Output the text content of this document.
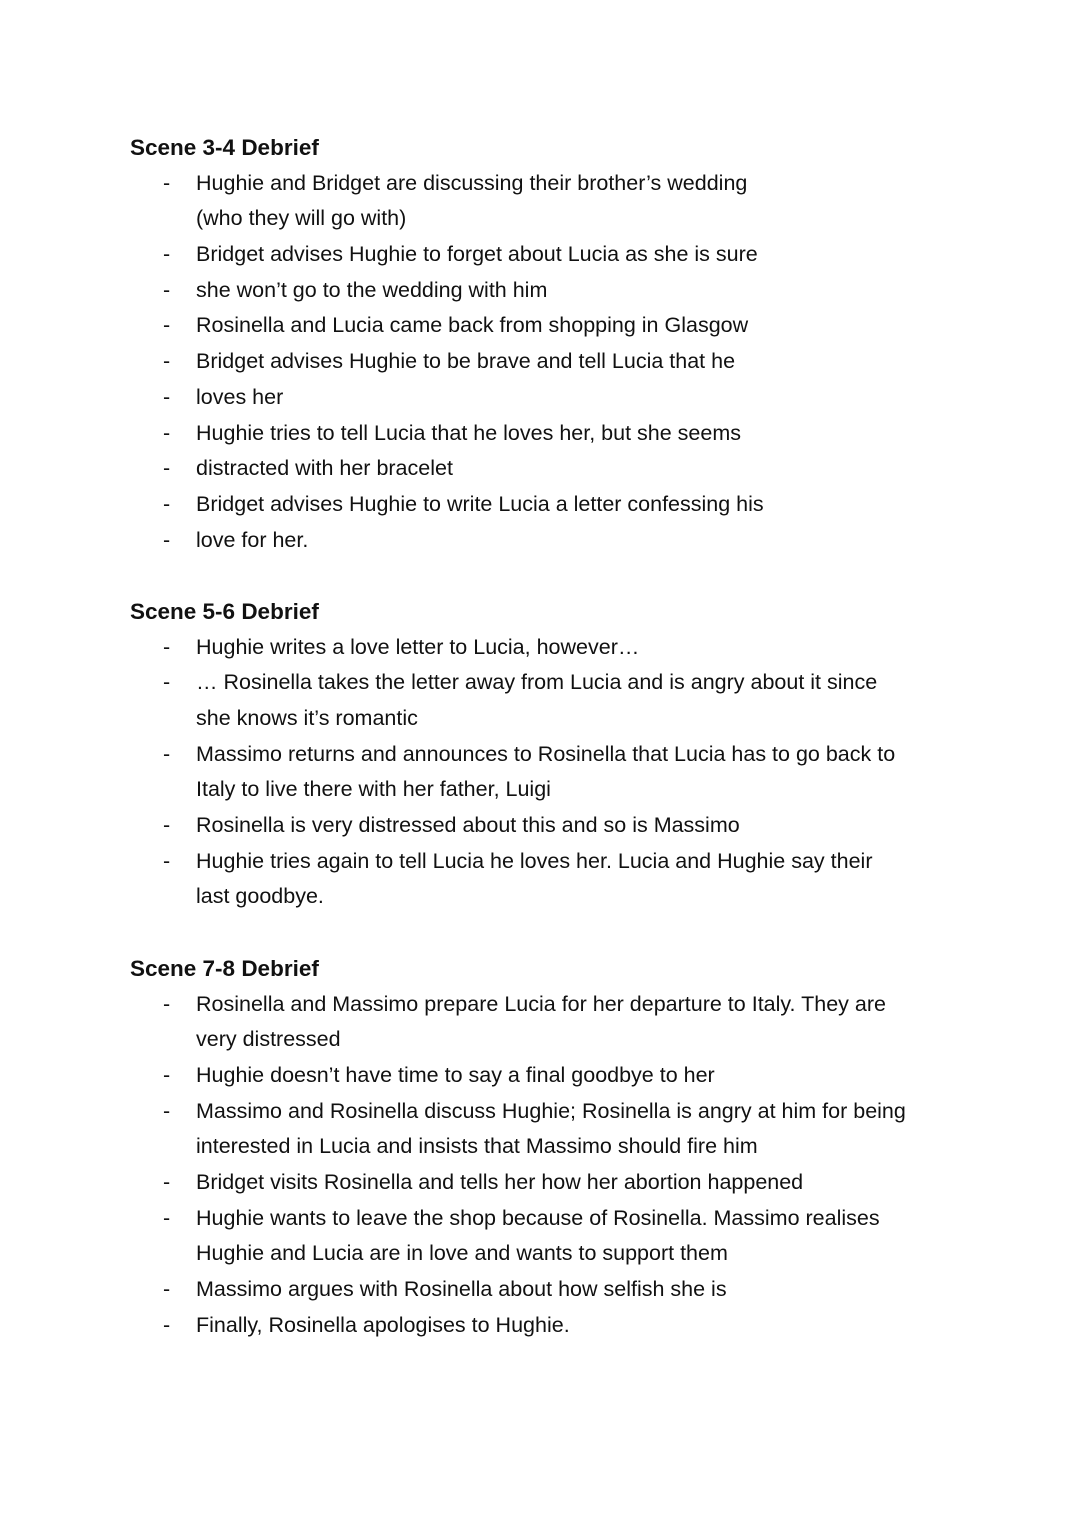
Scene 3-4 Debrief
- Hughie and Bridget are discussing their brother’s wedding
(who they will go with)
- Bridget advises Hughie to forget about Lucia as she is sure
- she won’t go to the wedding with him
- Rosinella and Lucia came back from shopping in Glasgow
- Bridget advises Hughie to be brave and tell Lucia that he
- loves her
- Hughie tries to tell Lucia that he loves her, but she seems
- distracted with her bracelet
- Bridget advises Hughie to write Lucia a letter confessing his
- love for her.
Scene 5-6 Debrief
- Hughie writes a love letter to Lucia, however…
- … Rosinella takes the letter away from Lucia and is angry about it since
she knows it’s romantic
- Massimo returns and announces to Rosinella that Lucia has to go back to
Italy to live there with her father, Luigi
- Rosinella is very distressed about this and so is Massimo
- Hughie tries again to tell Lucia he loves her. Lucia and Hughie say their
last goodbye.
Scene 7-8 Debrief
- Rosinella and Massimo prepare Lucia for her departure to Italy. They are
very distressed
- Hughie doesn’t have time to say a final goodbye to her
- Massimo and Rosinella discuss Hughie; Rosinella is angry at him for being
interested in Lucia and insists that Massimo should fire him
- Bridget visits Rosinella and tells her how her abortion happened
- Hughie wants to leave the shop because of Rosinella. Massimo realises
Hughie and Lucia are in love and wants to support them
- Massimo argues with Rosinella about how selfish she is
- Finally, Rosinella apologises to Hughie.
